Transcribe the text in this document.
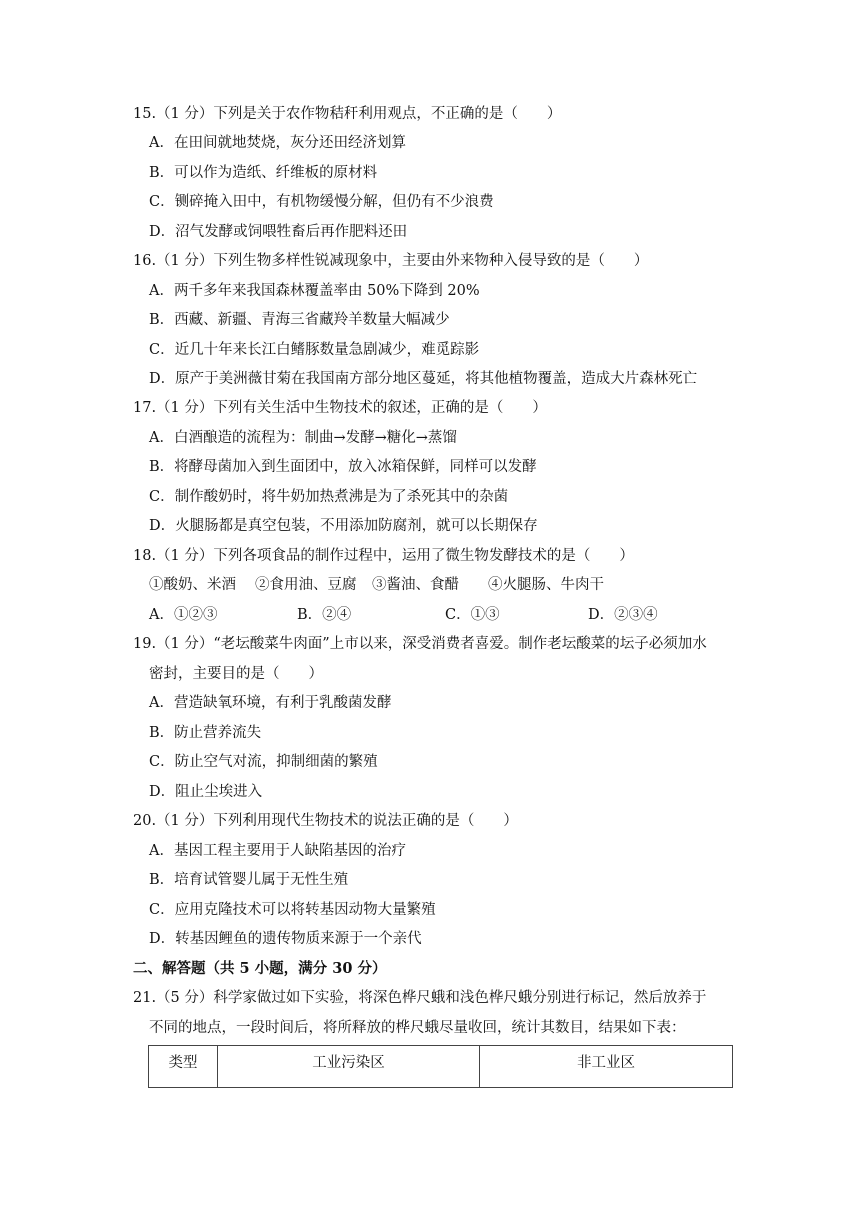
15.（1 分）下列是关于农作物秸秆利用观点，不正确的是（　　）
A．在田间就地焚烧，灰分还田经济划算
B．可以作为造纸、纤维板的原材料
C．铡碎掩入田中，有机物缓慢分解，但仍有不少浪费
D．沼气发酵或饲喂牲畜后再作肥料还田
16.（1 分）下列生物多样性锐减现象中，主要由外来物种入侵导致的是（　　）
A．两千多年来我国森林覆盖率由 50%下降到 20%
B．西藏、新疆、青海三省藏羚羊数量大幅减少
C．近几十年来长江白鳍豚数量急剧减少，难觅踪影
D．原产于美洲薇甘菊在我国南方部分地区蔓延，将其他植物覆盖，造成大片森林死亡
17.（1 分）下列有关生活中生物技术的叙述，正确的是（　　）
A．白酒酿造的流程为：制曲→发酵→糖化→蒸馏
B．将酵母菌加入到生面团中，放入冰箱保鲜，同样可以发酵
C．制作酸奶时，将牛奶加热煮沸是为了杀死其中的杂菌
D．火腿肠都是真空包装，不用添加防腐剂，就可以长期保存
18.（1 分）下列各项食品的制作过程中，运用了微生物发酵技术的是（　　）
①酸奶、米酒 ②食用油、豆腐 ③酱油、食醋 ④火腿肠、牛肉干
A．①②③	B．②④	C．①③	D．②③④
19.（1 分）“老坛酸菜牛肉面”上市以来，深受消费者喜爱。制作老坛酸菜的坛子必须加水
密封，主要目的是（　　）
A．营造缺氧环境，有利于乳酸菌发酵
B．防止营养流失
C．防止空气对流，抑制细菌的繁殖
D．阻止尘埃进入
20.（1 分）下列利用现代生物技术的说法正确的是（　　）
A．基因工程主要用于人缺陷基因的治疗
B．培育试管婴儿属于无性生殖
C．应用克隆技术可以将转基因动物大量繁殖
D．转基因鲤鱼的遗传物质来源于一个亲代
二、解答题（共 5 小题，满分 30 分）
21.（5 分）科学家做过如下实验，将深色桦尺蛾和浅色桦尺蛾分别进行标记，然后放养于
不同的地点，一段时间后，将所释放的桦尺蛾尽量收回，统计其数目，结果如下表：
类型	工业污染区	非工业区
